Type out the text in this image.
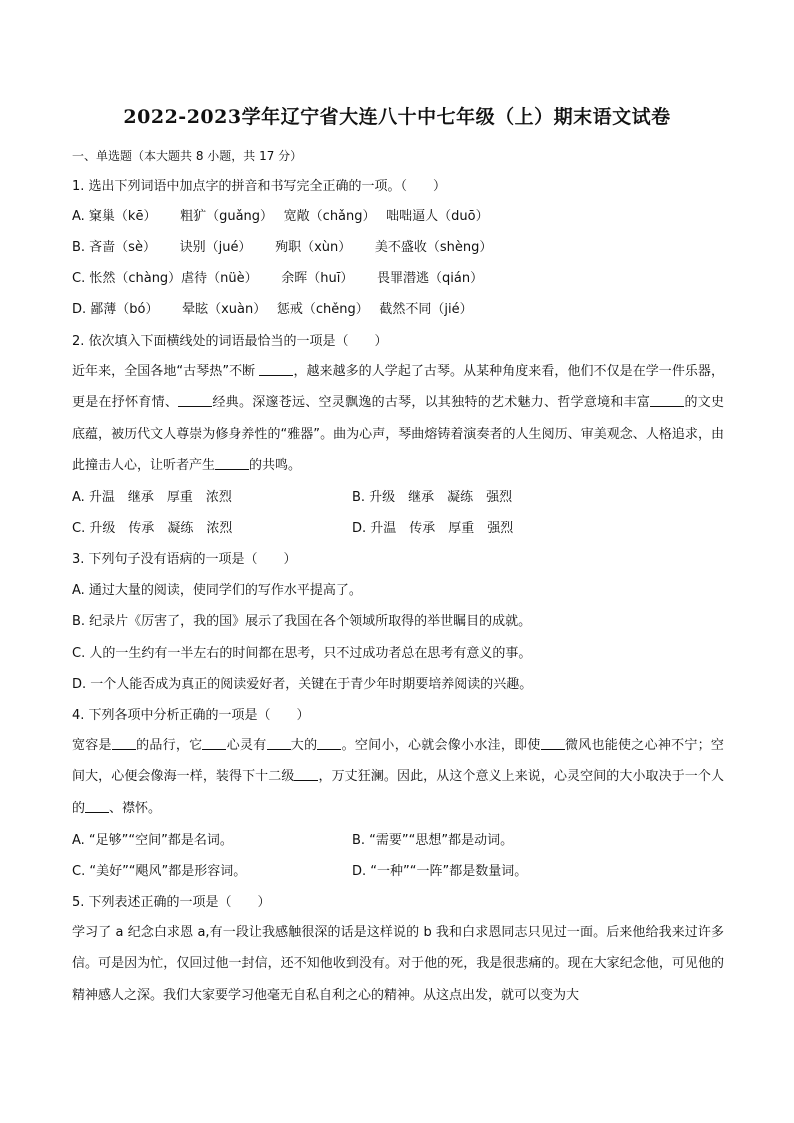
2022-2023学年辽宁省大连八十中七年级（上）期末语文试卷
一、单选题（本大题共 8 小题，共 17 分）
1. 选出下列词语中加点字的拼音和书写完全正确的一项。（　　）
A. 窠巢（kē）　　 粗犷（guǎng）　 宽敞（chǎng）　 咄咄逼人（duō）
B. 吝啬（sè）　　 诀别（jué）　　 殉职（xùn）　　 美不盛收（shèng）
C. 怅然（chàng）虐待（nüè）　　 余晖（huī）　　 畏罪潜逃（qián）
D. 鄙薄（bó）　　 晕眩（xuàn）　 惩戒（chěng）　 截然不同（jié）
2. 依次填入下面横线处的词语最恰当的一项是（　　）
近年来，全国各地“古琴热”不断	，越来越多的人学起了古琴。从某种角度来看，他们不仅是在学一件乐器，更是在抒怀育情、	经典。深邃苍远、空灵飘逸的古琴，以其独特的艺术魅力、哲学意境和丰富	的文史底蕴，被历代文人尊崇为修身养性的“雅器”。曲为心声，琴曲熔铸着演奏者的人生阅历、审美观念、人格追求，由此撞击人心，让听者产生	的共鸣。
A. 升温　继承　厚重　浓烈	B. 升级　继承　凝练　强烈
C. 升级　传承　凝练　浓烈	D. 升温　传承　厚重　强烈
3. 下列句子没有语病的一项是（　　）
A. 通过大量的阅读，使同学们的写作水平提高了。
B. 纪录片《厉害了，我的国》展示了我国在各个领域所取得的举世瞩目的成就。
C. 人的一生约有一半左右的时间都在思考，只不过成功者总在思考有意义的事。
D. 一个人能否成为真正的阅读爱好者，关键在于青少年时期要培养阅读的兴趣。
4. 下列各项中分析正确的一项是（　　）
宽容是 的品行，它 心灵有 大的 。空间小，心就会像小水洼，即使 微风也能使之心神不宁；空间大，心便会像海一样，装得下十二级 ，万丈狂澜。因此，从这个意义上来说，心灵空间的大小取决于一个人的 、襟怀。
A. “足够”“空间”都是名词。	B. “需要”“思想”都是动词。
C. “美好”“飓风”都是形容词。	D. “一种”“一阵”都是数量词。
5. 下列表述正确的一项是（　　）
学习了 a 纪念白求恩 a,有一段让我感触很深的话是这样说的 b 我和白求恩同志只见过一面。后来他给我来过许多信。可是因为忙，仅回过他一封信，还不知他收到没有。对于他的死，我是很悲痛的。现在大家纪念他，可见他的精神感人之深。我们大家要学习他毫无自私自利之心的精神。从这点出发，就可以变为大
